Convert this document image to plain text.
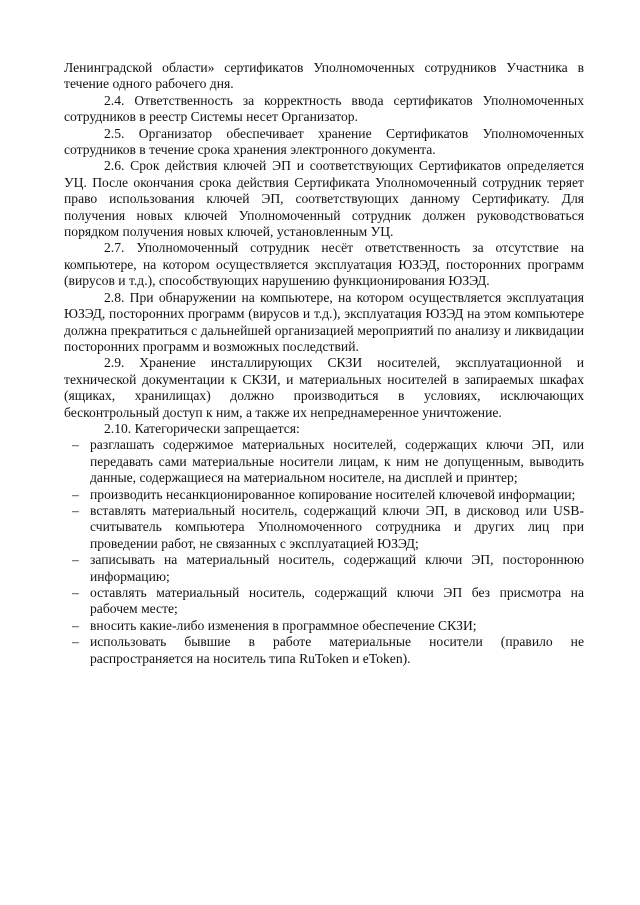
Ленинградской области» сертификатов Уполномоченных сотрудников Участника в течение одного рабочего дня.

2.4. Ответственность за корректность ввода сертификатов Уполномоченных сотрудников в реестр Системы несет Организатор.

2.5. Организатор обеспечивает хранение Сертификатов Уполномоченных сотрудников в течение срока хранения электронного документа.

2.6. Срок действия ключей ЭП и соответствующих Сертификатов определяется УЦ. После окончания срока действия Сертификата Уполномоченный сотрудник теряет право использования ключей ЭП, соответствующих данному Сертификату. Для получения новых ключей Уполномоченный сотрудник должен руководствоваться порядком получения новых ключей, установленным УЦ.

2.7. Уполномоченный сотрудник несёт ответственность за отсутствие на компьютере, на котором осуществляется эксплуатация ЮЗЭД, посторонних программ (вирусов и т.д.), способствующих нарушению функционирования ЮЗЭД.

2.8. При обнаружении на компьютере, на котором осуществляется эксплуатация ЮЗЭД, посторонних программ (вирусов и т.д.), эксплуатация ЮЗЭД на этом компьютере должна прекратиться с дальнейшей организацией мероприятий по анализу и ликвидации посторонних программ и возможных последствий.

2.9. Хранение инсталлирующих СКЗИ носителей, эксплуатационной и технической документации к СКЗИ, и материальных носителей в запираемых шкафах (ящиках, хранилищах) должно производиться в условиях, исключающих бесконтрольный доступ к ним, а также их непреднамеренное уничтожение.

2.10. Категорически запрещается:

– разглашать содержимое материальных носителей, содержащих ключи ЭП, или передавать сами материальные носители лицам, к ним не допущенным, выводить данные, содержащиеся на материальном носителе, на дисплей и принтер;
– производить несанкционированное копирование носителей ключевой информации;
– вставлять материальный носитель, содержащий ключи ЭП, в дисковод или USB-считыватель компьютера Уполномоченного сотрудника и других лиц при проведении работ, не связанных с эксплуатацией ЮЗЭД;
– записывать на материальный носитель, содержащий ключи ЭП, постороннюю информацию;
– оставлять материальный носитель, содержащий ключи ЭП без присмотра на рабочем месте;
– вносить какие-либо изменения в программное обеспечение СКЗИ;
– использовать бывшие в работе материальные носители (правило не распространяется на носитель типа RuToken и eToken).
